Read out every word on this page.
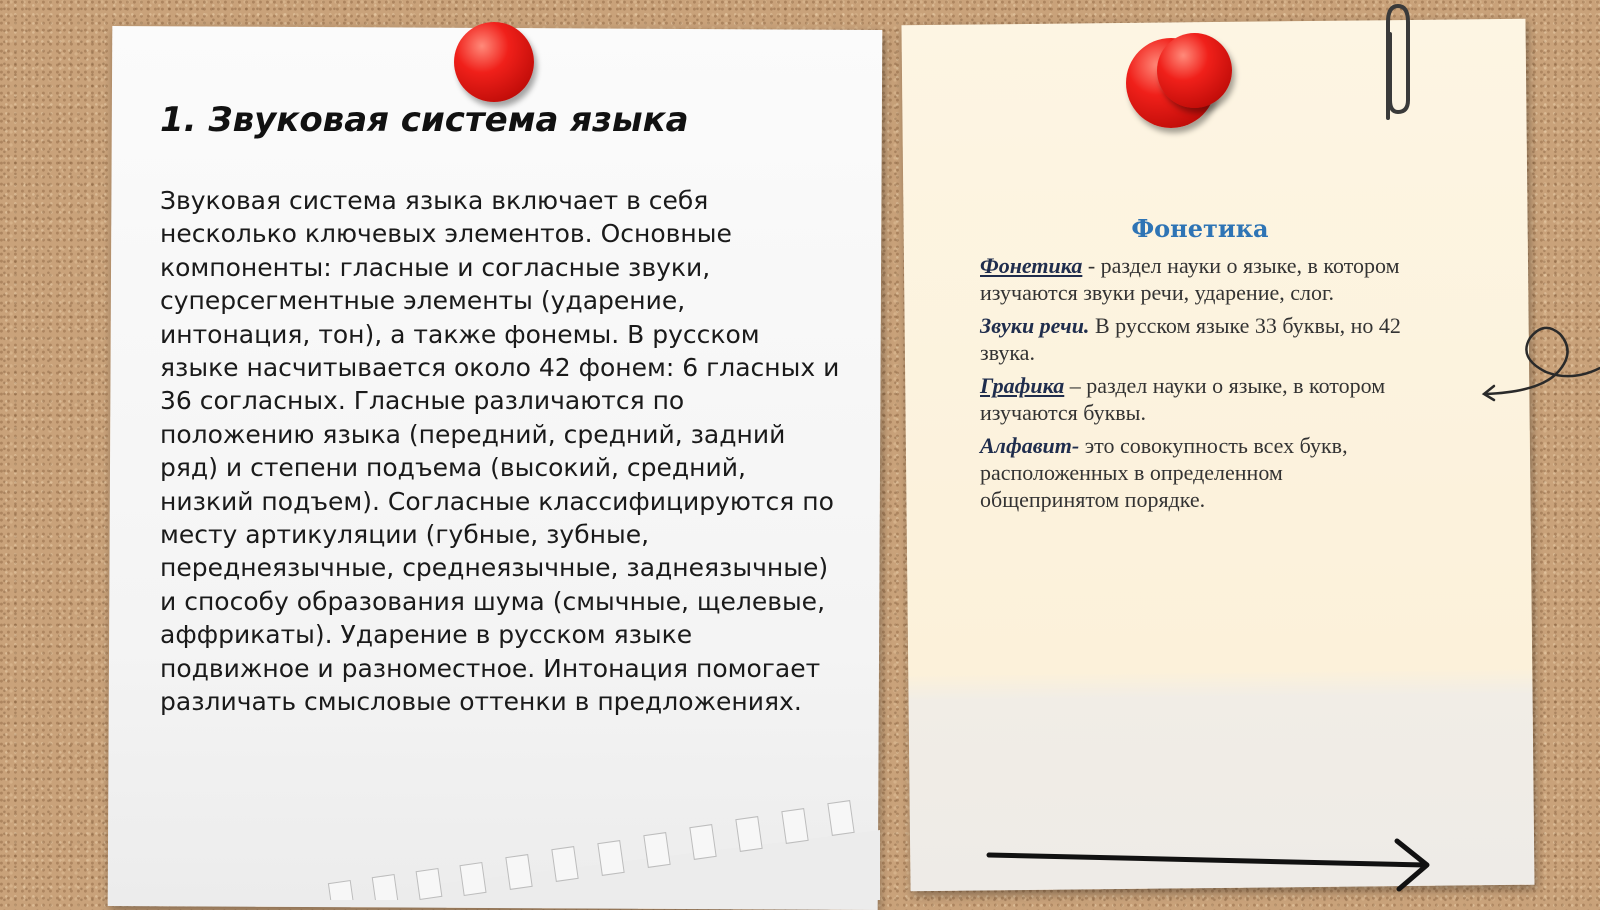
1. Звуковая система языка

Звуковая система языка включает в себя несколько ключевых элементов. Основные компоненты: гласные и согласные звуки, суперсегментные элементы (ударение, интонация, тон), а также фонемы. В русском языке насчитывается около 42 фонем: 6 гласных и 36 согласных. Гласные различаются по положению языка (передний, средний, задний ряд) и степени подъема (высокий, средний, низкий подъем). Согласные классифицируются по месту артикуляции (губные, зубные, переднеязычные, среднеязычные, заднеязычные) и способу образования шума (смычные, щелевые, аффрикаты). Ударение в русском языке подвижное и разноместное. Интонация помогает различать смысловые оттенки в предложениях.

Фонетика

Фонетика - раздел науки о языке, в котором изучаются звуки речи, ударение, слог.

Звуки речи. В русском языке 33 буквы, но 42 звука.

Графика – раздел науки о языке, в котором изучаются буквы.

Алфавит- это совокупность всех букв, расположенных в определенном общепринятом порядке.
